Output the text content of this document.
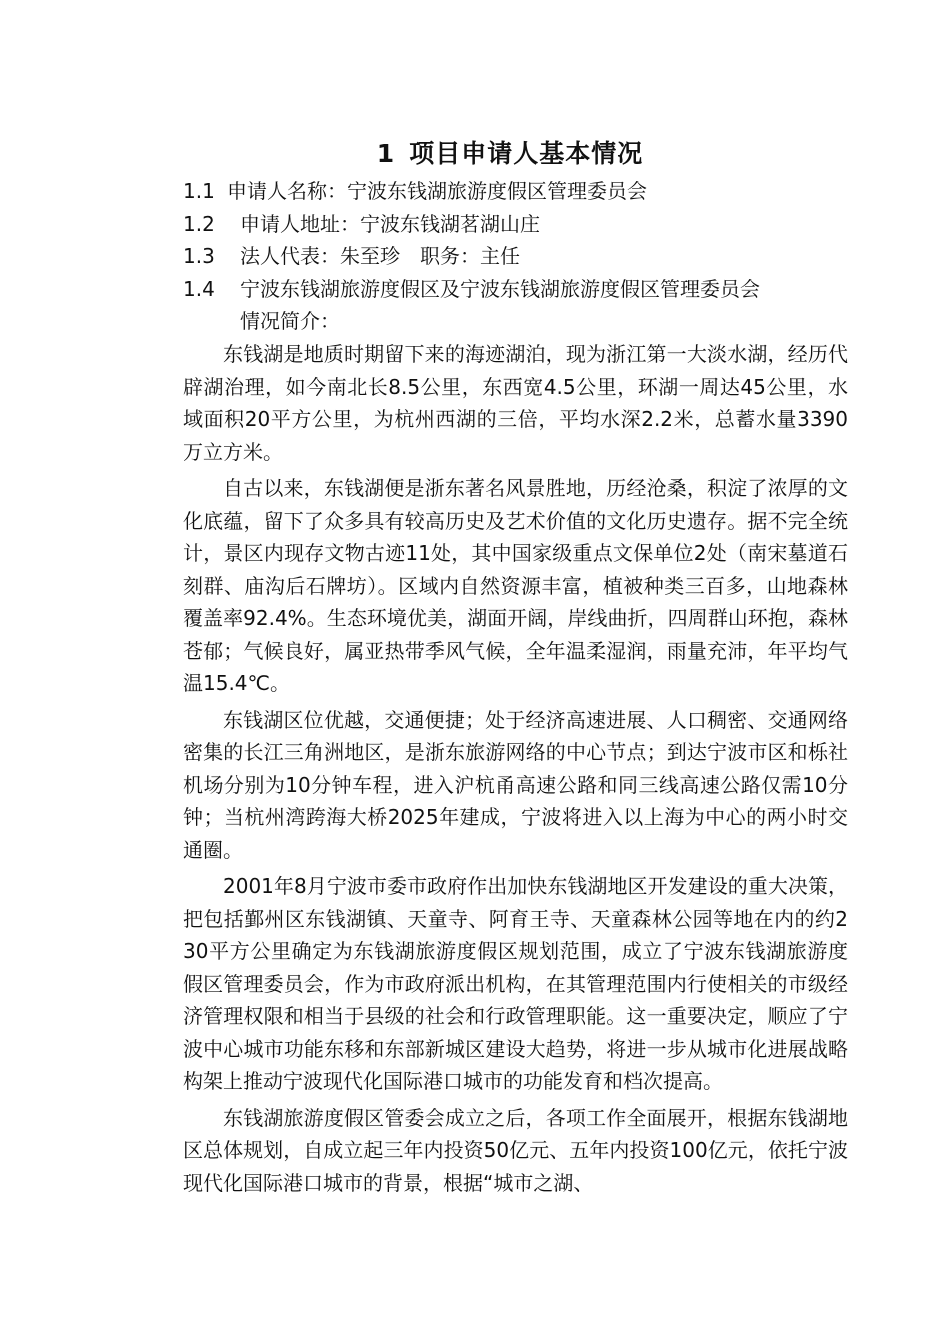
1 项目申请人基本情况
1.1 申请人名称：宁波东钱湖旅游度假区管理委员会
1.2 申请人地址：宁波东钱湖茗湖山庄
1.3 法人代表：朱至珍　职务：主任
1.4 宁波东钱湖旅游度假区及宁波东钱湖旅游度假区管理委员会
情况简介：

东钱湖是地质时期留下来的海迹湖泊，现为浙江第一大淡水湖，经历代辟湖治理，如今南北长8.5公里，东西宽4.5公里，环湖一周达45公里，水域面积20平方公里，为杭州西湖的三倍，平均水深2.2米，总蓄水量3390万立方米。

自古以来，东钱湖便是浙东著名风景胜地，历经沧桑，积淀了浓厚的文化底蕴，留下了众多具有较高历史及艺术价值的文化历史遗存。据不完全统计，景区内现存文物古迹11处，其中国家级重点文保单位2处（南宋墓道石刻群、庙沟后石牌坊）。区域内自然资源丰富，植被种类三百多，山地森林覆盖率92.4%。生态环境优美，湖面开阔，岸线曲折，四周群山环抱，森林苍郁；气候良好，属亚热带季风气候，全年温柔湿润，雨量充沛，年平均气温15.4℃。

东钱湖区位优越，交通便捷；处于经济高速进展、人口稠密、交通网络密集的长江三角洲地区，是浙东旅游网络的中心节点；到达宁波市区和栎社机场分别为10分钟车程，进入沪杭甬高速公路和同三线高速公路仅需10分钟；当杭州湾跨海大桥2025年建成，宁波将进入以上海为中心的两小时交通圈。

2001年8月宁波市委市政府作出加快东钱湖地区开发建设的重大决策，把包括鄞州区东钱湖镇、天童寺、阿育王寺、天童森林公园等地在内的约230平方公里确定为东钱湖旅游度假区规划范围，成立了宁波东钱湖旅游度假区管理委员会，作为市政府派出机构，在其管理范围内行使相关的市级经济管理权限和相当于县级的社会和行政管理职能。这一重要决定，顺应了宁波中心城市功能东移和东部新城区建设大趋势，将进一步从城市化进展战略构架上推动宁波现代化国际港口城市的功能发育和档次提高。

东钱湖旅游度假区管委会成立之后，各项工作全面展开，根据东钱湖地区总体规划，自成立起三年内投资50亿元、五年内投资100亿元，依托宁波现代化国际港口城市的背景，根据“城市之湖、
